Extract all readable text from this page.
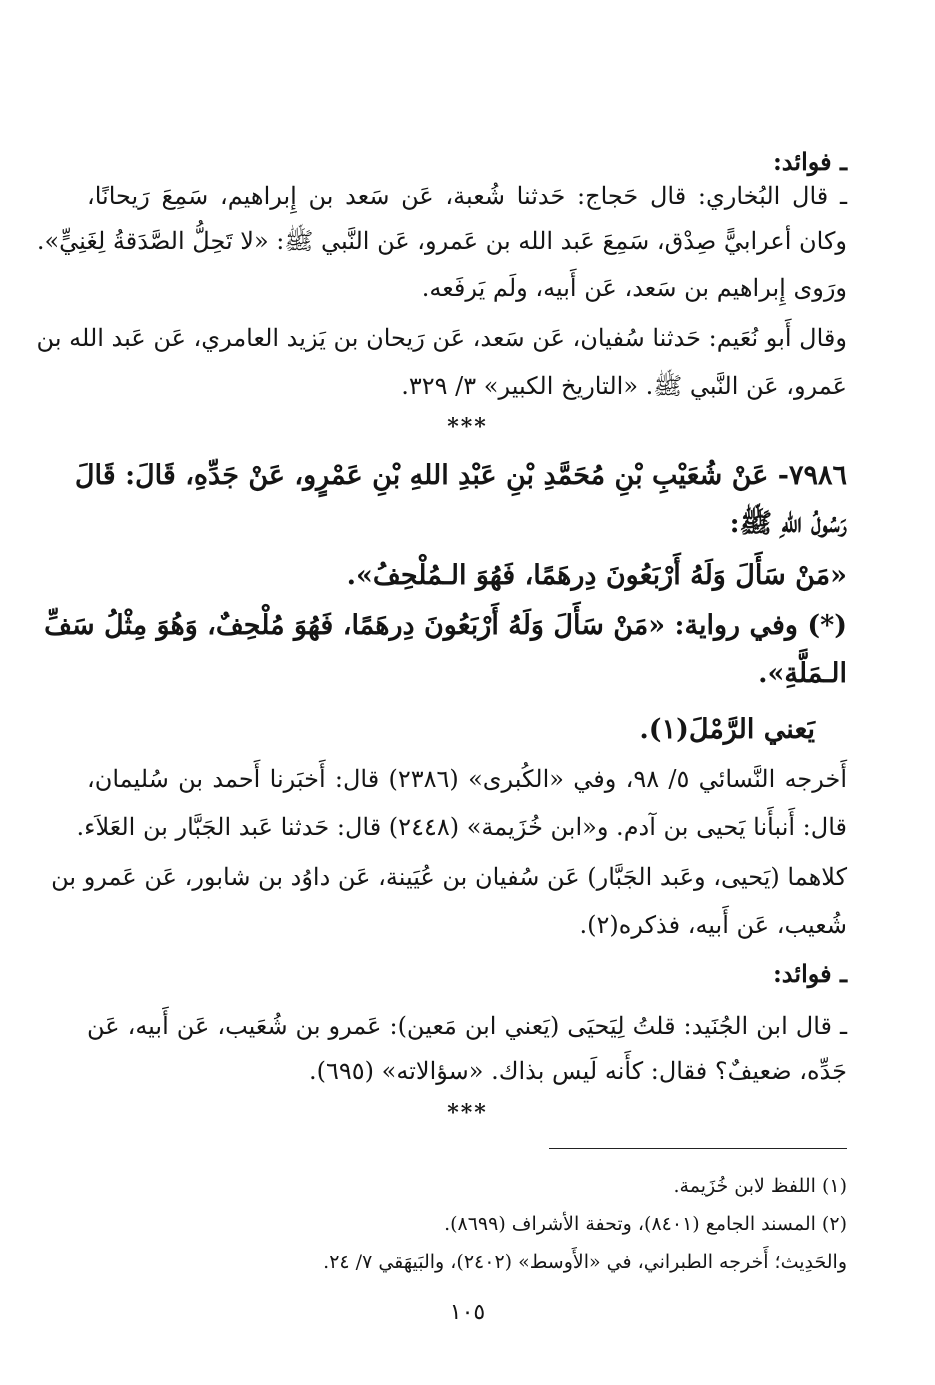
ـ فوائد:
ـ قال البُخاري: قال حَجاج: حَدثنا شُعبة، عَن سَعد بن إِبراهيم، سَمِعَ رَيحانًا،
وكان أعرابيًّ صِدْق، سَمِعَ عَبد الله بن عَمرو، عَن النَّبي ﷺ: «لا تَحِلُّ الصَّدَقةُ لِغَنِيٍّ».
ورَوى إِبراهيم بن سَعد، عَن أَبيه، ولَم يَرفَعه.
وقال أَبو نُعَيم: حَدثنا سُفيان، عَن سَعد، عَن رَيحان بن يَزيد العامري، عَن عَبد الله بن
عَمرو، عَن النَّبي ﷺ. «التاريخ الكبير» ٣/ ٣٢٩.
***
٧٩٨٦- عَنْ شُعَيْبِ بْنِ مُحَمَّدِ بْنِ عَبْدِ اللهِ بْنِ عَمْرٍو، عَنْ جَدِّهِ، قَالَ: قَالَ
رَسُولُ اللهِ ﷺ:
«مَنْ سَأَلَ وَلَهُ أَرْبَعُونَ دِرهَمًا، فَهُوَ الـمُلْحِفُ».
(*) وفي رواية: «مَنْ سَأَلَ وَلَهُ أَرْبَعُونَ دِرهَمًا، فَهُوَ مُلْحِفٌ، وَهُوَ مِثْلُ سَفِّ
الـمَلَّةِ».
يَعني الرَّمْلَ(١).
أَخرجه النَّسائي ٥/ ٩٨، وفي «الكُبرى» (٢٣٨٦) قال: أَخبَرنا أَحمد بن سُليمان،
قال: أَنبأَنا يَحيى بن آدم. و«ابن خُزَيمة» (٢٤٤٨) قال: حَدثنا عَبد الجَبَّار بن العَلاَء.
كلاهما (يَحيى، وعَبد الجَبَّار) عَن سُفيان بن عُيَينة، عَن داوُد بن شابور، عَن عَمرو بن
شُعيب، عَن أَبيه، فذكره(٢).
ـ فوائد:
ـ قال ابن الجُنَيد: قلتُ لِيَحيَى (يَعني ابن مَعين): عَمرو بن شُعَيب، عَن أَبيه، عَن
جَدِّه، ضعيفٌ؟ فقال: كأَنه لَيس بذاك. «سؤالاته» (٦٩٥).
***
(١) اللفظ لابن خُزَيمة.
(٢) المسند الجامع (٨٤٠١)، وتحفة الأشراف (٨٦٩٩).
والحَدِيث؛ أَخرجه الطبراني، في «الأَوسط» (٢٤٠٢)، والبَيهَقي ٧/ ٢٤.
١٠٥
